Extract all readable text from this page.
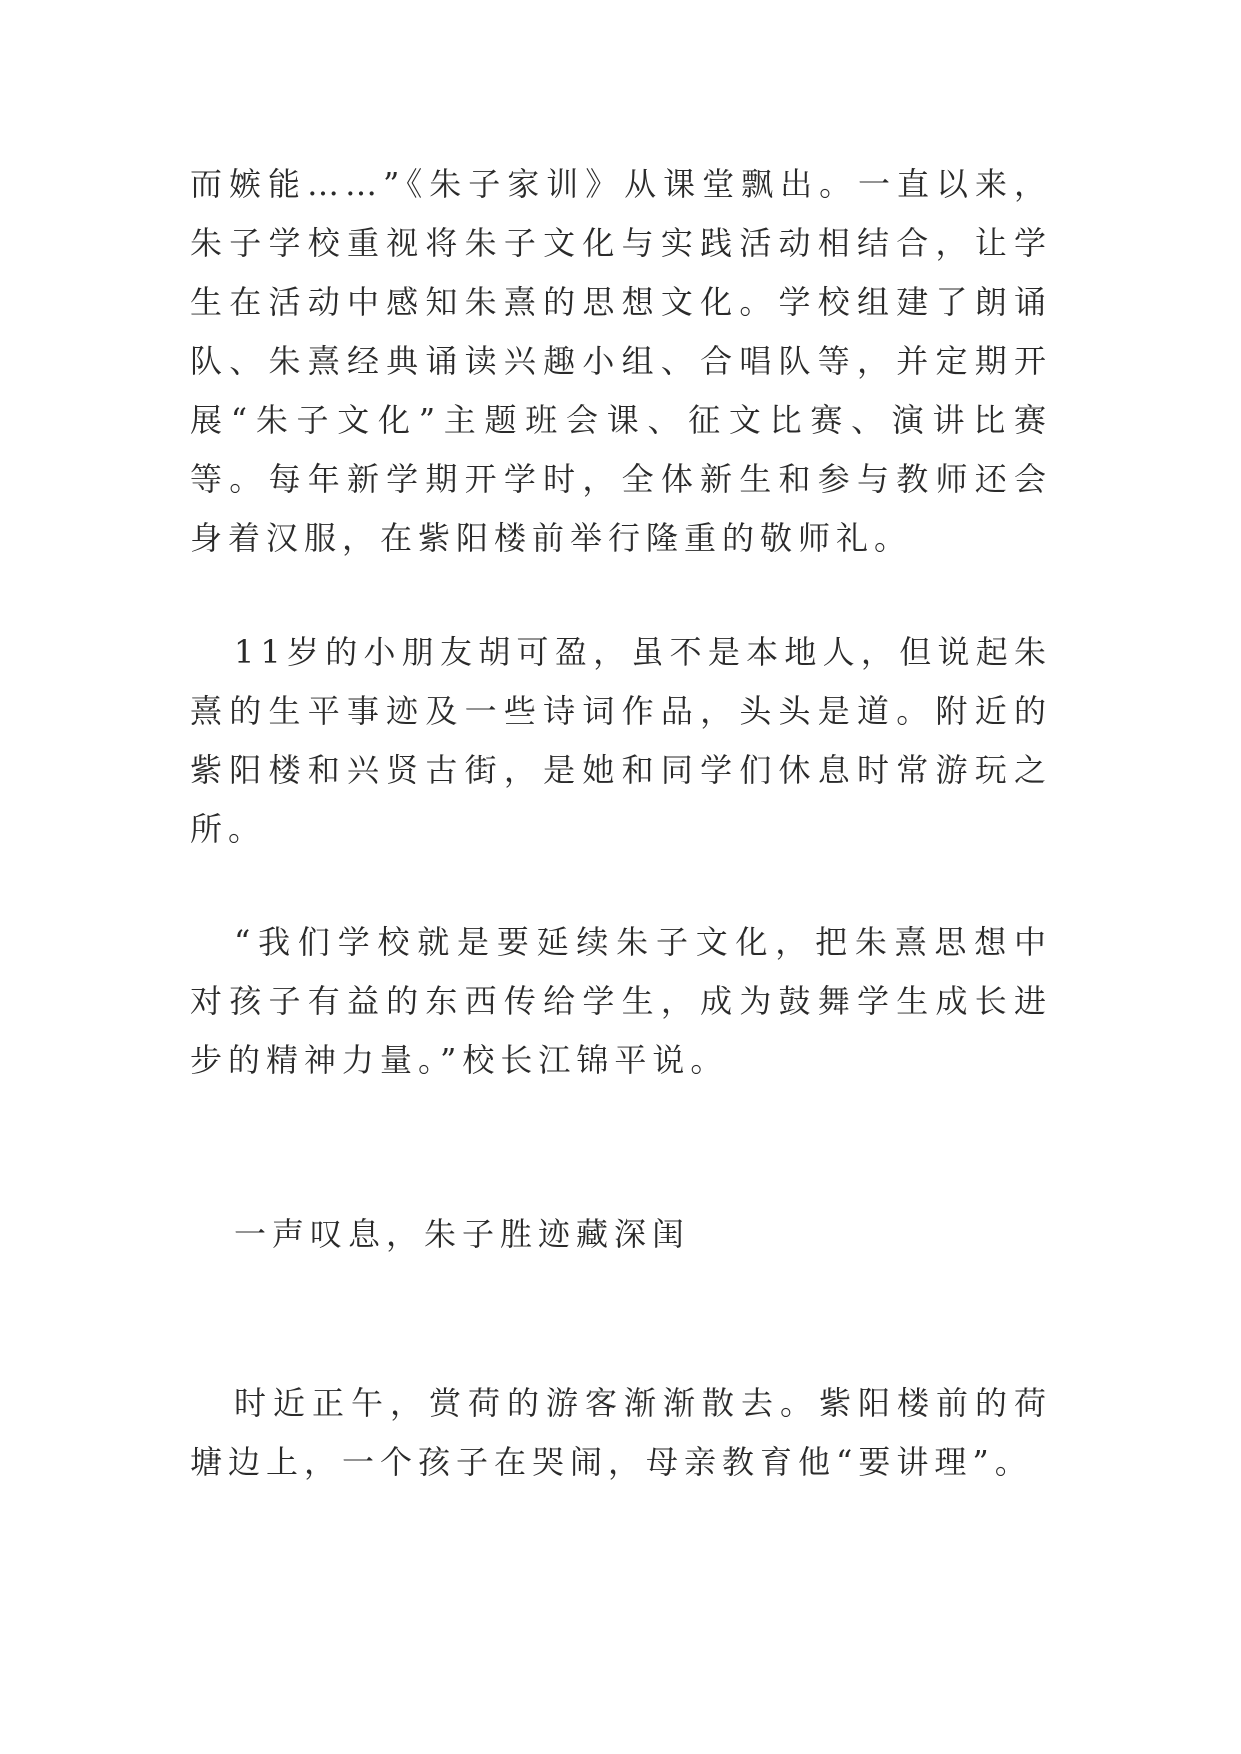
而嫉能……”《朱子家训》从课堂飘出。一直以来，朱子学校重视将朱子文化与实践活动相结合，让学生在活动中感知朱熹的思想文化。学校组建了朗诵队、朱熹经典诵读兴趣小组、合唱队等，并定期开展“朱子文化”主题班会课、征文比赛、演讲比赛等。每年新学期开学时，全体新生和参与教师还会身着汉服，在紫阳楼前举行隆重的敬师礼。

11岁的小朋友胡可盈，虽不是本地人，但说起朱熹的生平事迹及一些诗词作品，头头是道。附近的紫阳楼和兴贤古街，是她和同学们休息时常游玩之所。

“我们学校就是要延续朱子文化，把朱熹思想中对孩子有益的东西传给学生，成为鼓舞学生成长进步的精神力量。”校长江锦平说。

一声叹息，朱子胜迹藏深闺

时近正午，赏荷的游客渐渐散去。紫阳楼前的荷塘边上，一个孩子在哭闹，母亲教育他“要讲理”。
